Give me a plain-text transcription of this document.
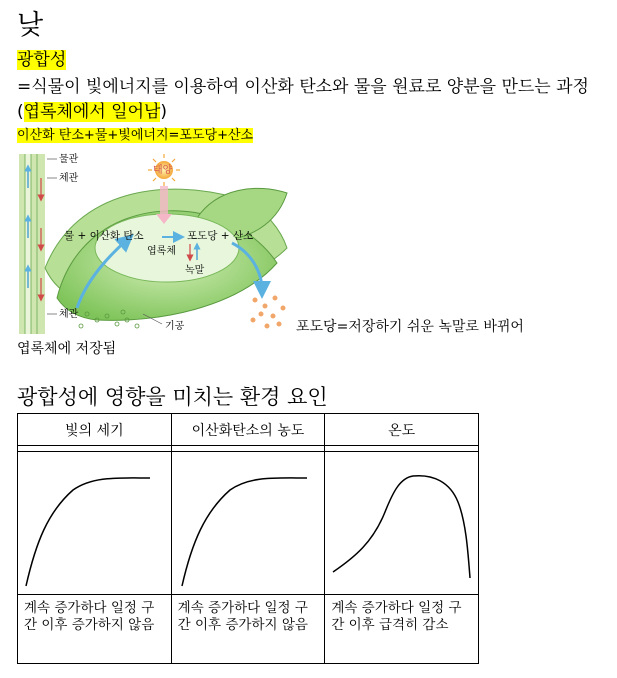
낮
광합성
=식물이 빛에너지를 이용하여 이산화 탄소와 물을 원료로 양분을 만드는 과정 (엽록체에서 일어남)
이산화 탄소+물+빛에너지=포도당+산소
물관
체관
태양
물 + 이산화 탄소	포도당 + 산소
엽록체
녹말
체관
기공	포도당=저장하기 쉬운 녹말로 바뀌어
엽록체에 저장됨
광합성에 영향을 미치는 환경 요인
빛의 세기	이산화탄소의 농도	온도

계속 증가하다 일정 구간 이후 증가하지 않음	계속 증가하다 일정 구간 이후 증가하지 않음	계속 증가하다 일정 구간 이후 급격히 감소
